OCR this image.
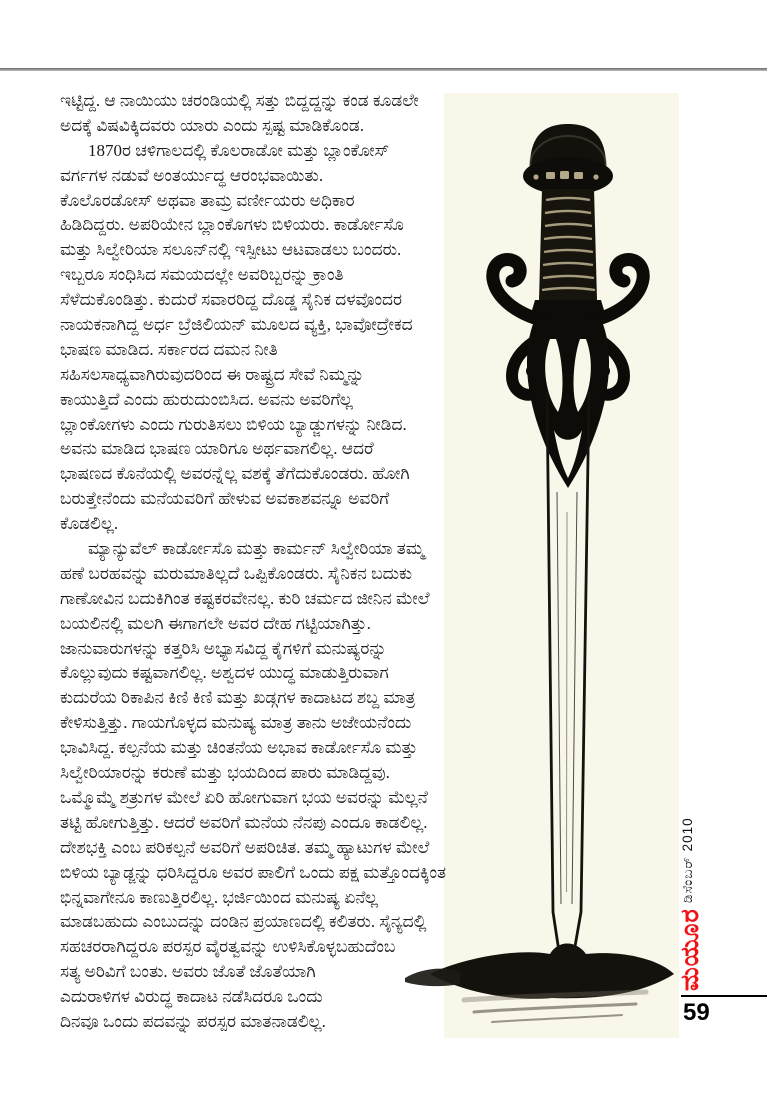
ಇಟ್ಟಿದ್ದ. ಆ ನಾಯಿಯು ಚರಂಡಿಯಲ್ಲಿ ಸತ್ತು ಬಿದ್ದದ್ದನ್ನು ಕಂಡ ಕೂಡಲೇ
ಅದಕ್ಕೆ ವಿಷವಿಕ್ಕಿದವರು ಯಾರು ಎಂದು ಸ್ಪಷ್ಟ ಮಾಡಿಕೊಂಡ.
1870ರ ಚಳಿಗಾಲದಲ್ಲಿ ಕೊಲರಾಡೋ ಮತ್ತು ಬ್ಲಾಂಕೋಸ್
ವರ್ಗಗಳ ನಡುವೆ ಅಂತರ್ಯುದ್ಧ ಆರಂಭವಾಯಿತು.
ಕೊಲೊರಡೋಸ್ ಅಥವಾ ತಾಮ್ರ ವರ್ಣೀಯರು ಅಧಿಕಾರ
ಹಿಡಿದಿದ್ದರು. ಅಪರಿಯೇನ ಬ್ಲಾಂಕೊಗಳು ಬಿಳಿಯರು. ಕಾರ್ಡೋಸೊ
ಮತ್ತು ಸಿಲ್ವೇರಿಯಾ ಸಲೂನ್‌ನಲ್ಲಿ ಇಸ್ಪೀಟು ಆಟವಾಡಲು ಬಂದರು.
ಇಬ್ಬರೂ ಸಂಧಿಸಿದ ಸಮಯದಲ್ಲೇ ಅವರಿಬ್ಬರನ್ನು ಕ್ರಾಂತಿ
ಸೆಳೆದುಕೊಂಡಿತ್ತು. ಕುದುರೆ ಸವಾರರಿದ್ದ ದೊಡ್ಡ ಸೈನಿಕ ದಳವೊಂದರ
ನಾಯಕನಾಗಿದ್ದ ಅರ್ಧ ಬ್ರೆಜಿಲಿಯನ್ ಮೂಲದ ವ್ಯಕ್ತಿ, ಭಾವೋದ್ರೇಕದ
ಭಾಷಣ ಮಾಡಿದ. ಸರ್ಕಾರದ ದಮನ ನೀತಿ
ಸಹಿಸಲಸಾಧ್ಯವಾಗಿರುವುದರಿಂದ ಈ ರಾಷ್ಟ್ರದ ಸೇವೆ ನಿಮ್ಮನ್ನು
ಕಾಯುತ್ತಿದೆ ಎಂದು ಹುರುದುಂಬಿಸಿದ. ಅವನು ಅವರಿಗೆಲ್ಲ
ಬ್ಲಾಂಕೋಗಳು ಎಂದು ಗುರುತಿಸಲು ಬಿಳಿಯ ಬ್ಯಾಡ್ಜುಗಳನ್ನು ನೀಡಿದ.
ಅವನು ಮಾಡಿದ ಭಾಷಣ ಯಾರಿಗೂ ಅರ್ಥವಾಗಲಿಲ್ಲ. ಆದರೆ
ಭಾಷಣದ ಕೊನೆಯಲ್ಲಿ ಅವರನ್ನೆಲ್ಲ ವಶಕ್ಕೆ ತೆಗೆದುಕೊಂಡರು. ಹೋಗಿ
ಬರುತ್ತೇನೆಂದು ಮನೆಯವರಿಗೆ ಹೇಳುವ ಅವಕಾಶವನ್ನೂ ಅವರಿಗೆ
ಕೊಡಲಿಲ್ಲ.
ಮ್ಯಾನ್ಯುವೆಲ್ ಕಾರ್ಡೋಸೊ ಮತ್ತು ಕಾರ್ಮನ್ ಸಿಲ್ವೇರಿಯಾ ತಮ್ಮ
ಹಣೆ ಬರಹವನ್ನು ಮರುಮಾತಿಲ್ಲದೆ ಒಪ್ಪಿಕೊಂಡರು. ಸೈನಿಕನ ಬದುಕು
ಗಾಣೋವಿನ ಬದುಕಿಗಿಂತ ಕಷ್ಟಕರವೇನಲ್ಲ. ಕುರಿ ಚರ್ಮದ ಜೀನಿನ ಮೇಲೆ
ಬಯಲಿನಲ್ಲಿ ಮಲಗಿ ಈಗಾಗಲೇ ಅವರ ದೇಹ ಗಟ್ಟಿಯಾಗಿತ್ತು.
ಜಾನುವಾರುಗಳನ್ನು ಕತ್ತರಿಸಿ ಅಭ್ಯಾಸವಿದ್ದ ಕೈಗಳಿಗೆ ಮನುಷ್ಯರನ್ನು
ಕೊಲ್ಲುವುದು ಕಷ್ಟವಾಗಲಿಲ್ಲ. ಅಶ್ವದಳ ಯುದ್ಧ ಮಾಡುತ್ತಿರುವಾಗ
ಕುದುರೆಯ ರಿಕಾಪಿನ ಕಿಣಿ ಕಿಣಿ ಮತ್ತು ಖಡ್ಗಗಳ ಕಾದಾಟದ ಶಬ್ದ ಮಾತ್ರ
ಕೇಳಿಸುತ್ತಿತ್ತು. ಗಾಯಗೊಳ್ಳದ ಮನುಷ್ಯ ಮಾತ್ರ ತಾನು ಅಜೇಯನೆಂದು
ಭಾವಿಸಿದ್ದ. ಕಲ್ಪನೆಯ ಮತ್ತು ಚಿಂತನೆಯ ಅಭಾವ ಕಾರ್ಡೋಸೊ ಮತ್ತು
ಸಿಲ್ವೇರಿಯಾರನ್ನು ಕರುಣೆ ಮತ್ತು ಭಯದಿಂದ ಪಾರು ಮಾಡಿದ್ದವು.
ಒಮ್ಮೊಮ್ಮೆ ಶತ್ರುಗಳ ಮೇಲೆ ಏರಿ ಹೋಗುವಾಗ ಭಯ ಅವರನ್ನು ಮೆಲ್ಲನೆ
ತಟ್ಟಿ ಹೋಗುತ್ತಿತ್ತು. ಆದರೆ ಅವರಿಗೆ ಮನೆಯ ನೆನಪು ಎಂದೂ ಕಾಡಲಿಲ್ಲ.
ದೇಶಭಕ್ತಿ ಎಂಬ ಪರಿಕಲ್ಪನೆ ಅವರಿಗೆ ಅಪರಿಚಿತ. ತಮ್ಮ ಹ್ಯಾಟುಗಳ ಮೇಲೆ
ಬಿಳಿಯ ಬ್ಯಾಡ್ಜನ್ನು ಧರಿಸಿದ್ದರೂ ಅವರ ಪಾಲಿಗೆ ಒಂದು ಪಕ್ಷ ಮತ್ತೊಂದಕ್ಕಿಂತ
ಭಿನ್ನವಾಗೇನೂ ಕಾಣುತ್ತಿರಲಿಲ್ಲ. ಭರ್ಜಿಯಿಂದ ಮನುಷ್ಯ ಏನೆಲ್ಲ
ಮಾಡಬಹುದು ಎಂಬುದನ್ನು ದಂಡಿನ ಪ್ರಯಾಣದಲ್ಲಿ ಕಲಿತರು. ಸೈನ್ಯದಲ್ಲಿ
ಸಹಚರರಾಗಿದ್ದರೂ ಪರಸ್ಪರ ವೈರತ್ವವನ್ನು ಉಳಿಸಿಕೊಳ್ಳಬಹುದೆಂಬ
ಸತ್ಯ ಅರಿವಿಗೆ ಬಂತು. ಅವರು ಜೊತೆ ಜೊತೆಯಾಗಿ
ಎದುರಾಳಿಗಳ ವಿರುದ್ಧ ಕಾದಾಟ ನಡೆಸಿದರೂ ಒಂದು
ದಿನವೂ ಒಂದು ಪದವನ್ನು ಪರಸ್ಪರ ಮಾತನಾಡಲಿಲ್ಲ.
ಡಿಸೆಂಬರ್ 2010
ಮಯೂರ
59
